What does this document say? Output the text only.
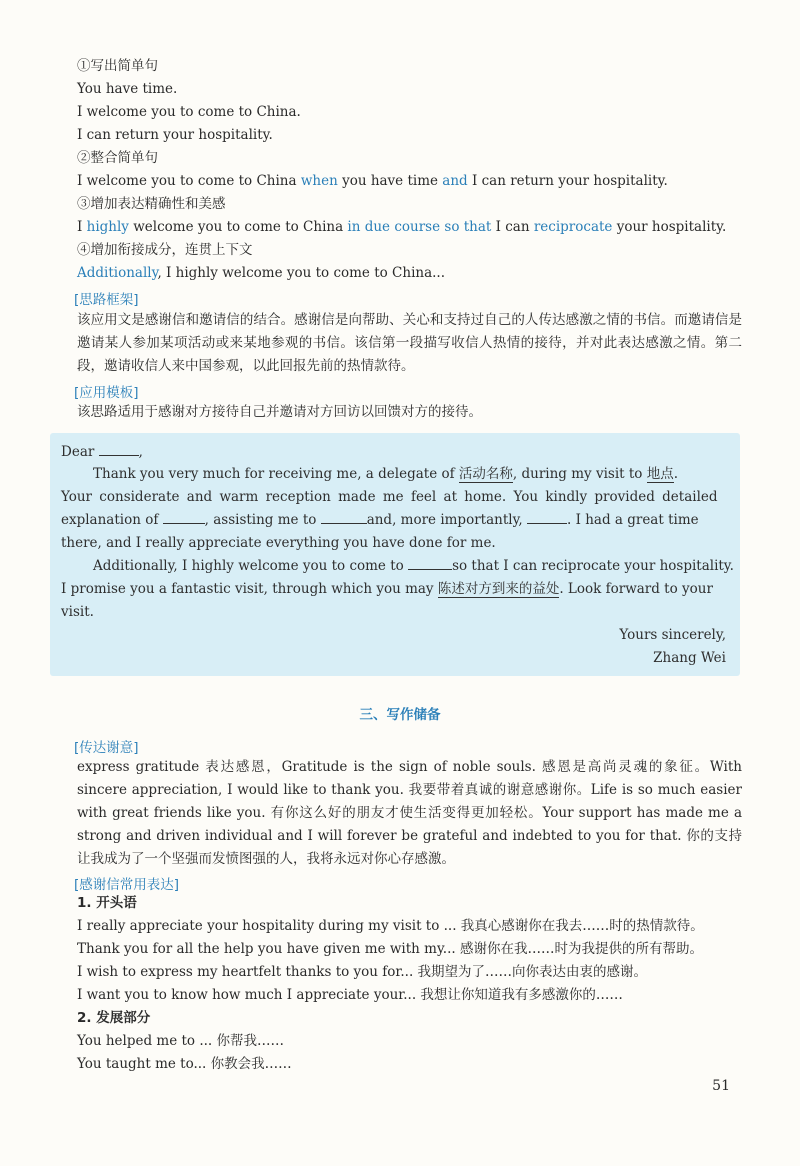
①写出简单句
You have time.
I welcome you to come to China.
I can return your hospitality.
②整合简单句
I welcome you to come to China when you have time and I can return your hospitality.
③增加表达精确性和美感
I highly welcome you to come to China in due course so that I can reciprocate your hospitality.
④增加衔接成分，连贯上下文
Additionally, I highly welcome you to come to China...
[思路框架]
该应用文是感谢信和邀请信的结合。感谢信是向帮助、关心和支持过自己的人传达感激之情的书信。而邀请信是邀请某人参加某项活动或来某地参观的书信。该信第一段描写收信人热情的接待，并对此表达感激之情。第二段，邀请收信人来中国参观，以此回报先前的热情款待。
[应用模板]
该思路适用于感谢对方接待自己并邀请对方回访以回馈对方的接待。
Dear	,
Thank you very much for receiving me, a delegate of 活动名称, during my visit to 地点.
Your considerate and warm reception made me feel at home. You kindly provided detailed
explanation of	, assisting me to	and, more importantly,	. I had a great time
there, and I really appreciate everything you have done for me.
Additionally, I highly welcome you to come to	so that I can reciprocate your hospitality.
I promise you a fantastic visit, through which you may 陈述对方到来的益处. Look forward to your
visit.
Yours sincerely,
Zhang Wei
三、写作储备
[传达谢意]
express gratitude 表达感恩，Gratitude is the sign of noble souls. 感恩是高尚灵魂的象征。With sincere appreciation, I would like to thank you. 我要带着真诚的谢意感谢你。Life is so much easier with great friends like you. 有你这么好的朋友才使生活变得更加轻松。Your support has made me a strong and driven individual and I will forever be grateful and indebted to you for that. 你的支持让我成为了一个坚强而发愤图强的人，我将永远对你心存感激。
[感谢信常用表达]
1. 开头语
I really appreciate your hospitality during my visit to ... 我真心感谢你在我去……时的热情款待。
Thank you for all the help you have given me with my... 感谢你在我……时为我提供的所有帮助。
I wish to express my heartfelt thanks to you for... 我期望为了……向你表达由衷的感谢。
I want you to know how much I appreciate your... 我想让你知道我有多感激你的……
2. 发展部分
You helped me to ... 你帮我……
You taught me to... 你教会我……
51
